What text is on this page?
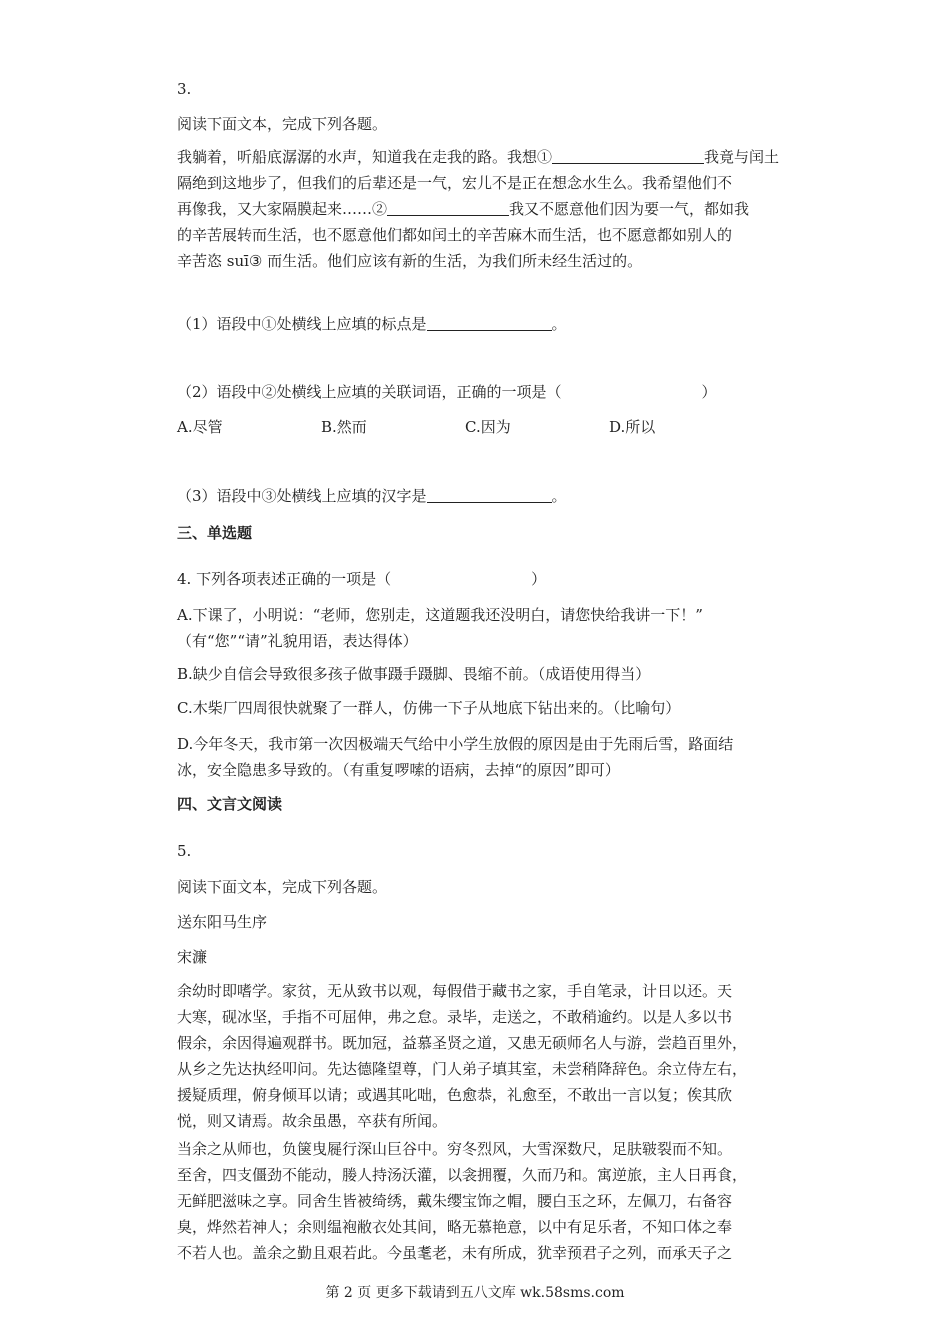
3.

阅读下面文本，完成下列各题。

我躺着，听船底潺潺的水声，知道我在走我的路。我想①	我竟与闰土

隔绝到这地步了，但我们的后辈还是一气，宏儿不是正在想念水生么。我希望他们不

再像我，又大家隔膜起来……②	我又不愿意他们因为要一气，都如我

的辛苦展转而生活，也不愿意他们都如闰土的辛苦麻木而生活，也不愿意都如别人的

辛苦恣 suī③ 而生活。他们应该有新的生活，为我们所未经生活过的。

（1）语段中①处横线上应填的标点是	。

（2）语段中②处横线上应填的关联词语，正确的一项是（	）

A.尽管	B.然而	C.因为	D.所以

（3）语段中③处横线上应填的汉字是	。

三、单选题

4. 下列各项表述正确的一项是（	）

A.下课了，小明说：“老师，您别走，这道题我还没明白，请您快给我讲一下！”

（有“您”“请”礼貌用语，表达得体）

B.缺少自信会导致很多孩子做事蹑手蹑脚、畏缩不前。（成语使用得当）

C.木柴厂四周很快就聚了一群人，仿佛一下子从地底下钻出来的。（比喻句）

D.今年冬天，我市第一次因极端天气给中小学生放假的原因是由于先雨后雪，路面结

冰，安全隐患多导致的。（有重复啰嗦的语病，去掉“的原因”即可）

四、文言文阅读

5.

阅读下面文本，完成下列各题。

送东阳马生序

宋濂

余幼时即嗜学。家贫，无从致书以观，每假借于藏书之家，手自笔录，计日以还。天

大寒，砚冰坚，手指不可屈伸，弗之怠。录毕，走送之，不敢稍逾约。以是人多以书

假余，余因得遍观群书。既加冠，益慕圣贤之道，又患无硕师名人与游，尝趋百里外，

从乡之先达执经叩问。先达德隆望尊，门人弟子填其室，未尝稍降辞色。余立侍左右，

援疑质理，俯身倾耳以请；或遇其叱咄，色愈恭，礼愈至，不敢出一言以复；俟其欣

悦，则又请焉。故余虽愚，卒获有所闻。

当余之从师也，负箧曳屣行深山巨谷中。穷冬烈风，大雪深数尺，足肤皲裂而不知。

至舍，四支僵劲不能动，媵人持汤沃灌，以衾拥覆，久而乃和。寓逆旅，主人日再食，

无鲜肥滋味之享。同舍生皆被绮绣，戴朱缨宝饰之帽，腰白玉之环，左佩刀，右备容

臭，烨然若神人；余则缊袍敝衣处其间，略无慕艳意，以中有足乐者，不知口体之奉

不若人也。盖余之勤且艰若此。今虽耄老，未有所成，犹幸预君子之列，而承天子之

第 2 页 更多下载请到五八文库 wk.58sms.com
